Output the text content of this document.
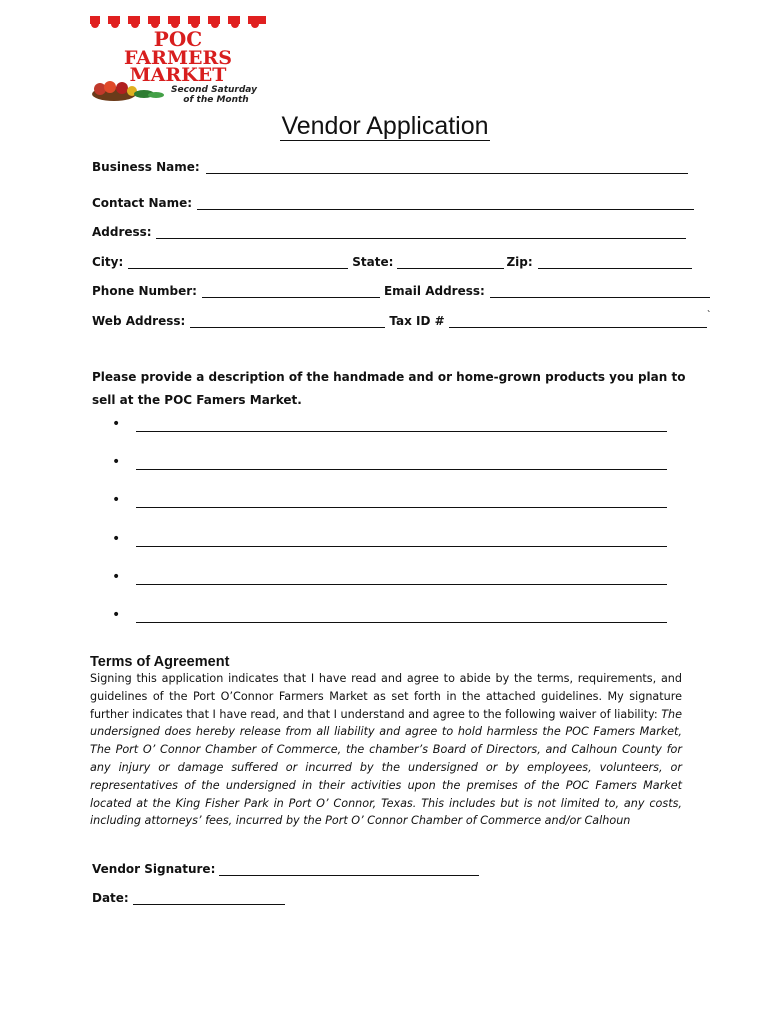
POC
FARMERS
MARKET
Second Saturday
of the Month
Vendor Application
Business Name:
Contact Name:
Address:
City:	State:	Zip:
Phone Number:	Email Address:
Web Address:	Tax ID #	`
Please provide a description of the handmade and or home-grown products you plan to sell at the POC Famers Market.
•
•
•
•
•
•
Terms of Agreement
Signing this application indicates that I have read and agree to abide by the terms, requirements, and guidelines of the Port O’Connor Farmers Market as set forth in the attached guidelines. My signature further indicates that I have read, and that I understand and agree to the following waiver of liability: The undersigned does hereby release from all liability and agree to hold harmless the POC Famers Market, The Port O’ Connor Chamber of Commerce, the chamber’s Board of Directors, and Calhoun County for any injury or damage suffered or incurred by the undersigned or by employees, volunteers, or representatives of the undersigned in their activities upon the premises of the POC Famers Market located at the King Fisher Park in Port O’ Connor, Texas. This includes but is not limited to, any costs, including attorneys’ fees, incurred by the Port O’ Connor Chamber of Commerce and/or Calhoun
Vendor Signature:
Date:
